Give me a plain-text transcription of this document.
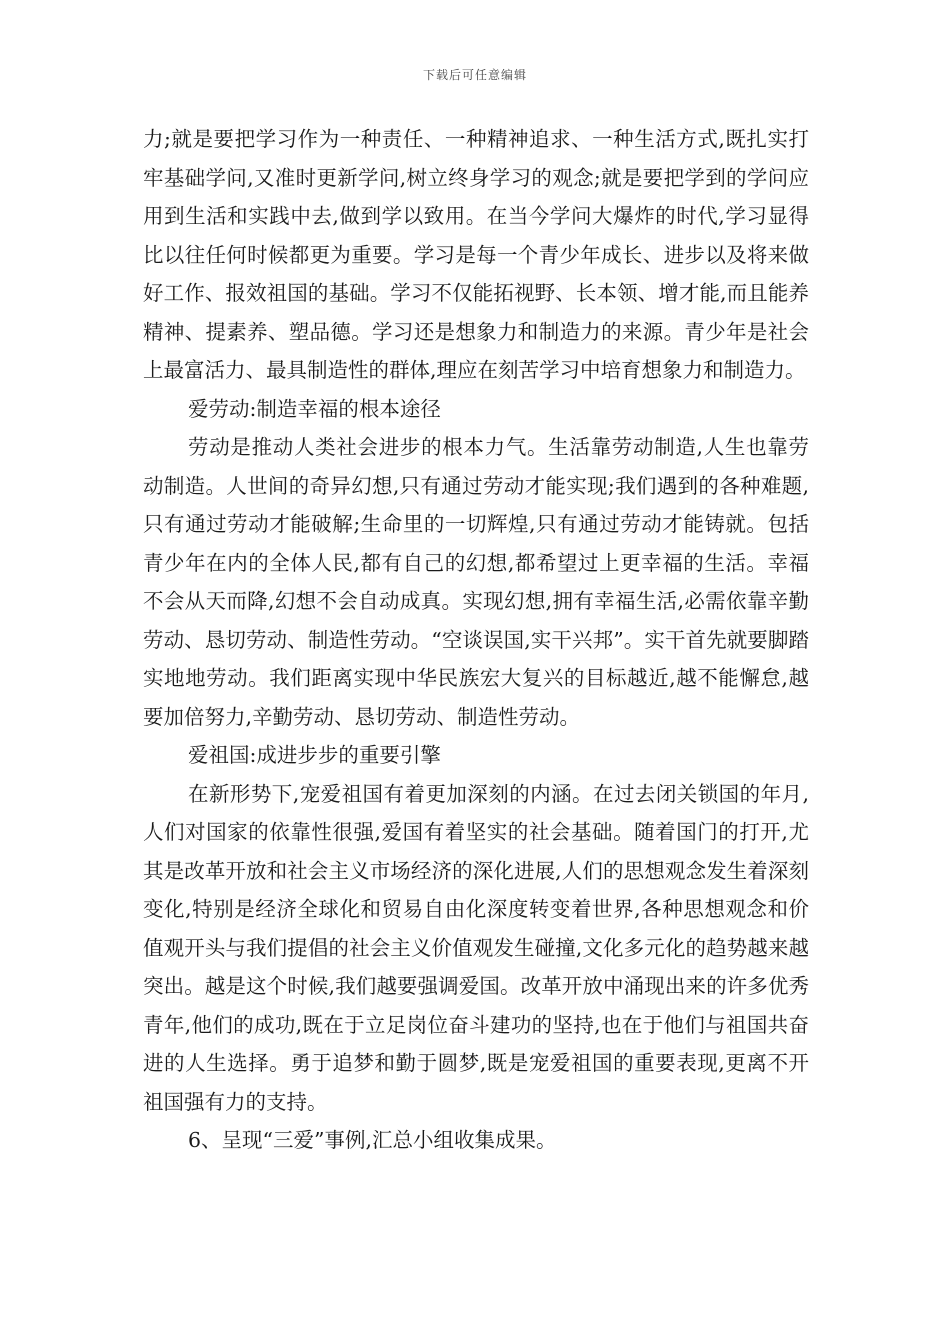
下载后可任意编辑

力;就是要把学习作为一种责任、一种精神追求、一种生活方式,既扎实打牢基础学问,又准时更新学问,树立终身学习的观念;就是要把学到的学问应用到生活和实践中去,做到学以致用。在当今学问大爆炸的时代,学习显得比以往任何时候都更为重要。学习是每一个青少年成长、进步以及将来做好工作、报效祖国的基础。学习不仅能拓视野、长本领、增才能,而且能养精神、提素养、塑品德。学习还是想象力和制造力的来源。青少年是社会上最富活力、最具制造性的群体,理应在刻苦学习中培育想象力和制造力。

爱劳动:制造幸福的根本途径

劳动是推动人类社会进步的根本力气。生活靠劳动制造,人生也靠劳动制造。人世间的奇异幻想,只有通过劳动才能实现;我们遇到的各种难题,只有通过劳动才能破解;生命里的一切辉煌,只有通过劳动才能铸就。包括青少年在内的全体人民,都有自己的幻想,都希望过上更幸福的生活。幸福不会从天而降,幻想不会自动成真。实现幻想,拥有幸福生活,必需依靠辛勤劳动、恳切劳动、制造性劳动。“空谈误国,实干兴邦”。实干首先就要脚踏实地地劳动。我们距离实现中华民族宏大复兴的目标越近,越不能懈怠,越要加倍努力,辛勤劳动、恳切劳动、制造性劳动。

爱祖国:成进步步的重要引擎

在新形势下,宠爱祖国有着更加深刻的内涵。在过去闭关锁国的年月,人们对国家的依靠性很强,爱国有着坚实的社会基础。随着国门的打开,尤其是改革开放和社会主义市场经济的深化进展,人们的思想观念发生着深刻变化,特别是经济全球化和贸易自由化深度转变着世界,各种思想观念和价值观开头与我们提倡的社会主义价值观发生碰撞,文化多元化的趋势越来越突出。越是这个时候,我们越要强调爱国。改革开放中涌现出来的许多优秀青年,他们的成功,既在于立足岗位奋斗建功的坚持,也在于他们与祖国共奋进的人生选择。勇于追梦和勤于圆梦,既是宠爱祖国的重要表现,更离不开祖国强有力的支持。

6、呈现“三爱”事例,汇总小组收集成果。
